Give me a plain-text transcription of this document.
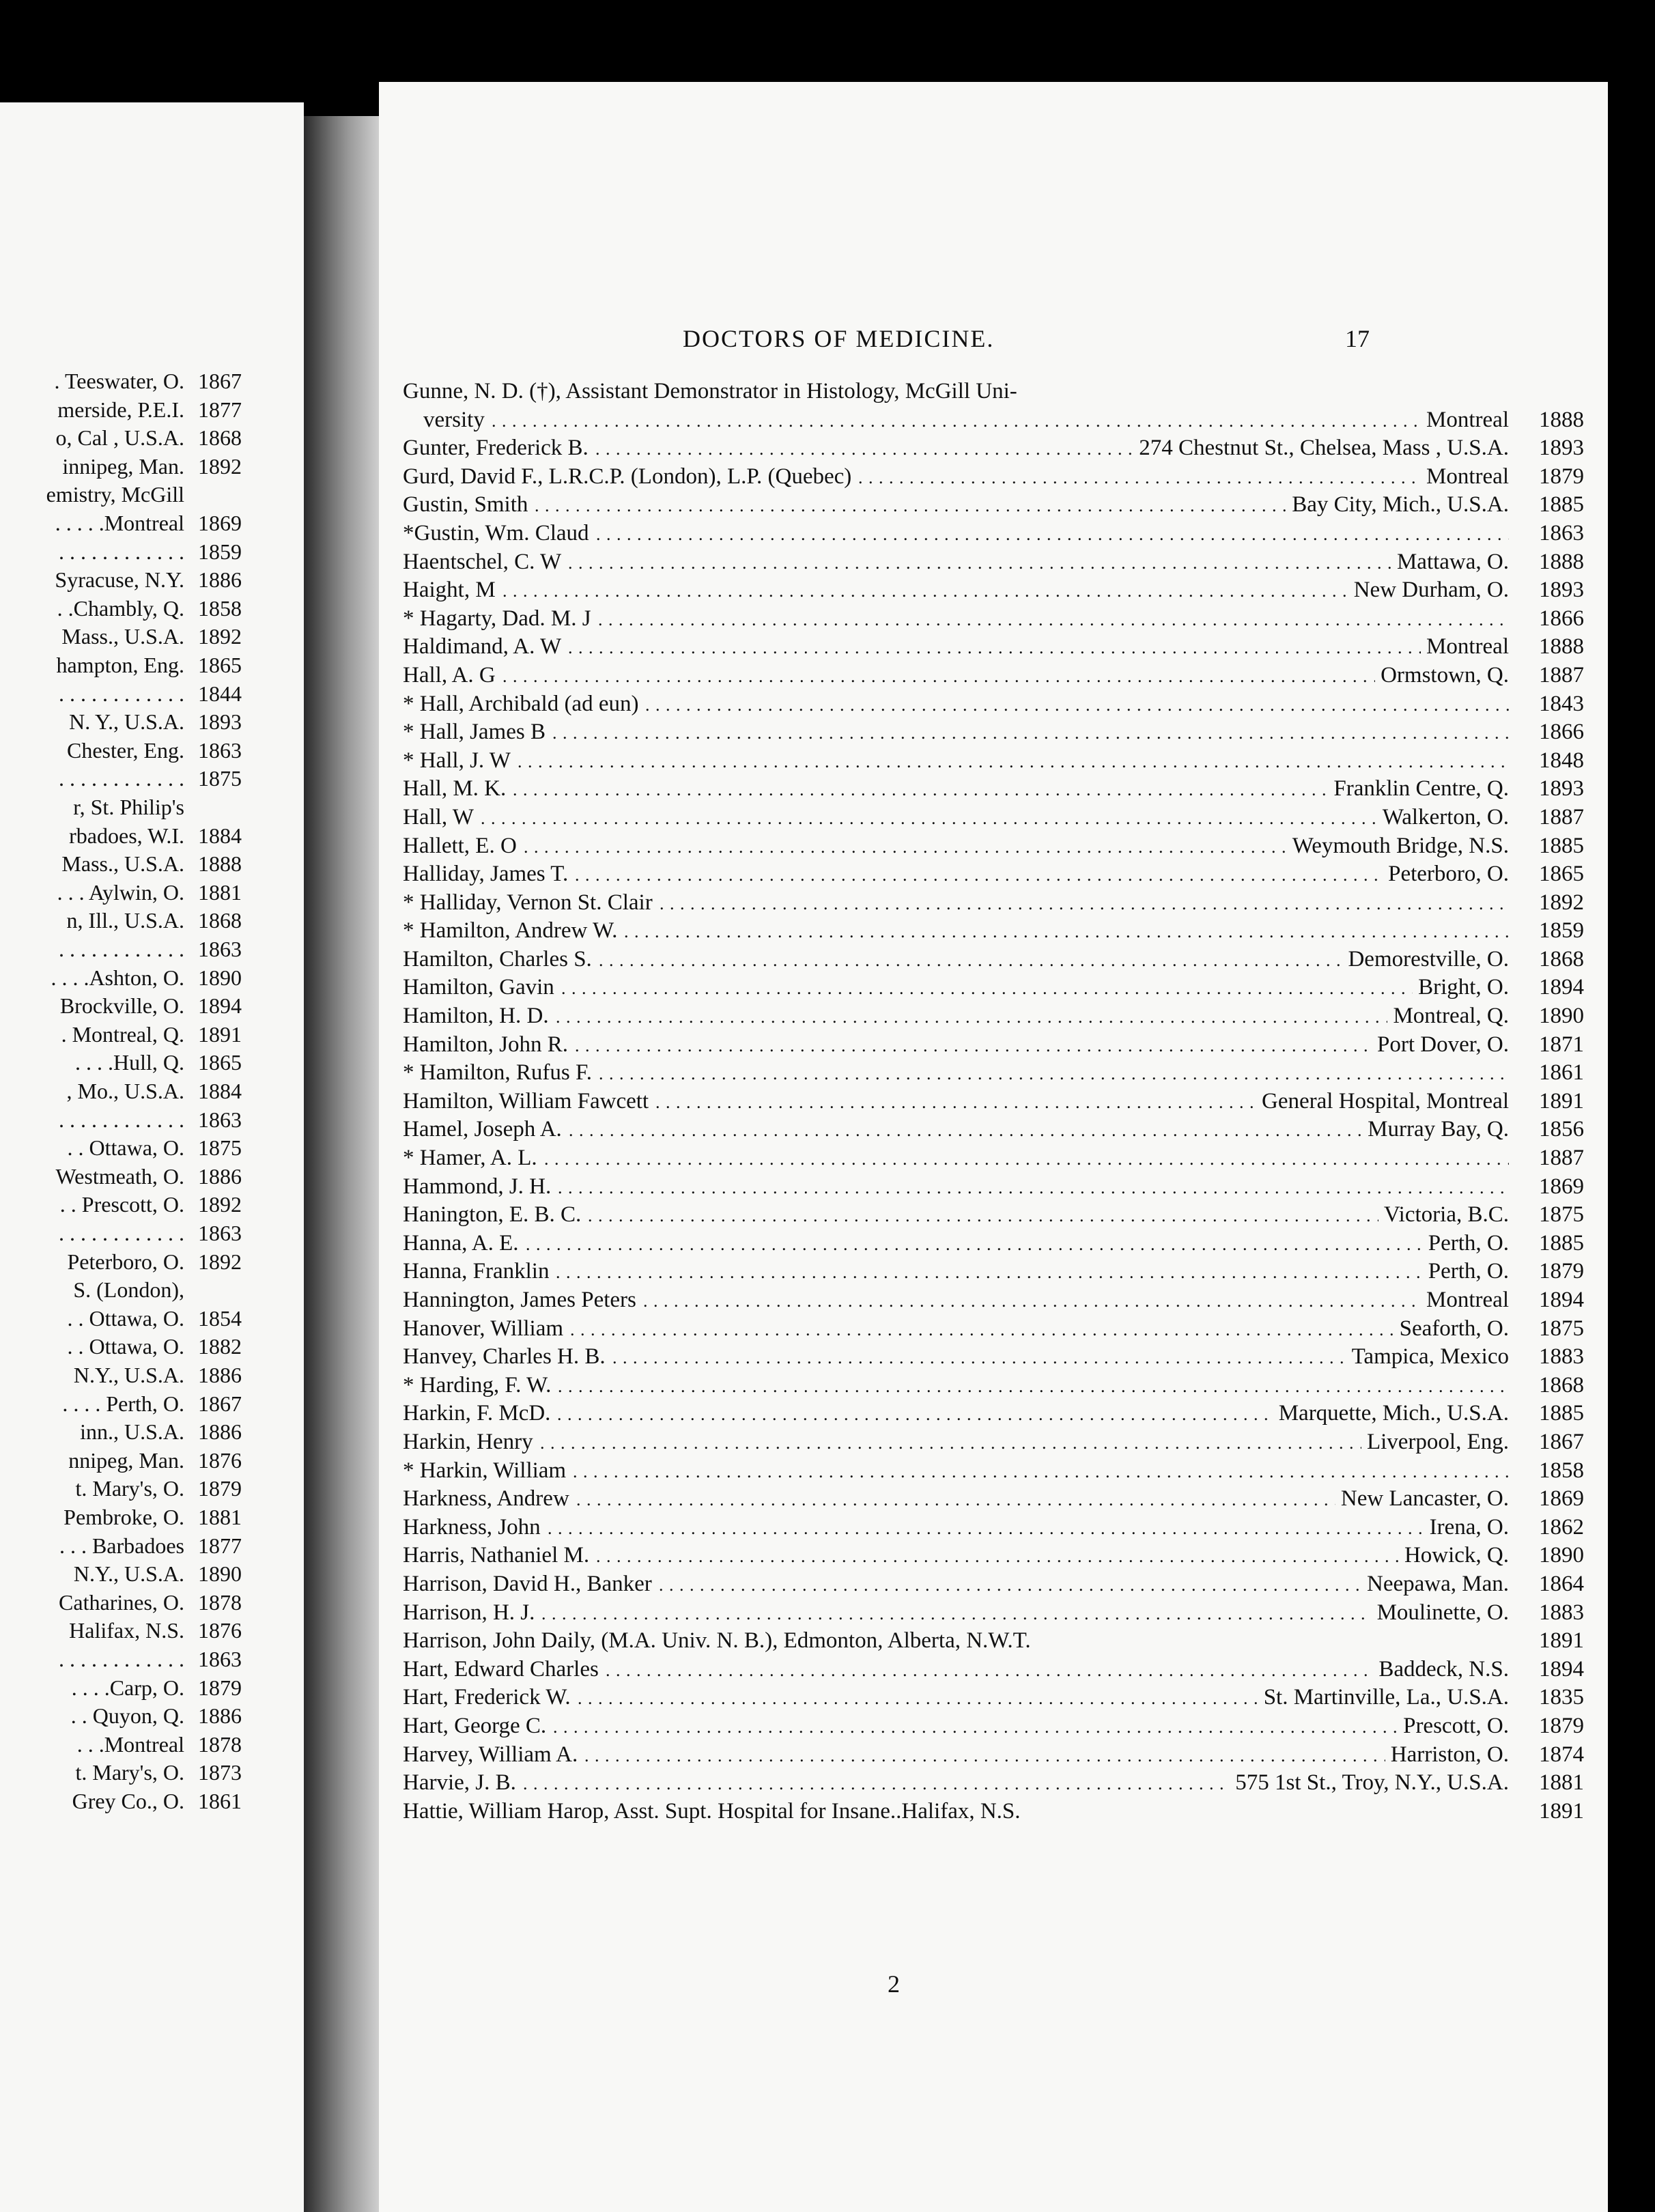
. Teeswater, O. 1867
merside, P.E.I. 1877
o, Cal , U.S.A. 1868
innipeg, Man. 1892
emistry, McGill
. . . . .Montreal 1869
. . . . . . . . . . . . 1859
Syracuse, N.Y. 1886
. .Chambly, Q. 1858
Mass., U.S.A. 1892
hampton, Eng. 1865
. . . . . . . . . . . . 1844
N. Y., U.S.A. 1893
Chester, Eng. 1863
. . . . . . . . . . . . 1875
r, St. Philip's
rbadoes, W.I. 1884
Mass., U.S.A. 1888
. . . Aylwin, O. 1881
n, Ill., U.S.A. 1868
. . . . . . . . . . . . 1863
. . . .Ashton, O. 1890
Brockville, O. 1894
. Montreal, Q. 1891
. . . .Hull, Q. 1865
, Mo., U.S.A. 1884
. . . . . . . . . . . . 1863
. . Ottawa, O. 1875
Westmeath, O. 1886
. . Prescott, O. 1892
. . . . . . . . . . . . 1863
Peterboro, O. 1892
S. (London),
. . Ottawa, O. 1854
. . Ottawa, O. 1882
N.Y., U.S.A. 1886
. . . . Perth, O. 1867
inn., U.S.A. 1886
nnipeg, Man. 1876
t. Mary's, O. 1879
Pembroke, O. 1881
. . . Barbadoes 1877
N.Y., U.S.A. 1890
Catharines, O. 1878
Halifax, N.S. 1876
. . . . . . . . . . . . 1863
. . . .Carp, O. 1879
. . Quyon, Q. 1886
. . .Montreal 1878
t. Mary's, O. 1873
Grey Co., O. 1861
DOCTORS OF MEDICINE.	17
Gunne, N. D. (†), Assistant Demonstrator in Histology, McGill Uni-
versity	Montreal	1888
. . .
Gunter, Frederick B.	274 Chestnut St., Chelsea, Mass , U.S.A.	1893
. . .
Gurd, David F., L.R.C.P. (London), L.P. (Quebec)	Montreal	1879
. . .
Gustin, Smith	Bay City, Mich., U.S.A.	1885
. . .
*Gustin, Wm. Claud	1863
. . .
Haentschel, C. W	Mattawa, O.	1888
. . .
Haight, M	New Durham, O.	1893
. . .
* Hagarty, Dad. M. J	1866
. . .
Haldimand, A. W	Montreal	1888
. . .
Hall, A. G	Ormstown, Q.	1887
. . .
* Hall, Archibald (ad eun)	1843
. . .
* Hall, James B	1866
. . .
* Hall, J. W	1848
. . .
Hall, M. K.	Franklin Centre, Q.	1893
. . .
Hall, W	Walkerton, O.	1887
. . .
Hallett, E. O	Weymouth Bridge, N.S.	1885
. . .
Halliday, James T.	Peterboro, O.	1865
. . .
* Halliday, Vernon St. Clair	1892
. . .
* Hamilton, Andrew W.	1859
. . .
Hamilton, Charles S.	Demorestville, O.	1868
. . .
Hamilton, Gavin	Bright, O.	1894
. . .
Hamilton, H. D.	Montreal, Q.	1890
. . .
Hamilton, John R.	Port Dover, O.	1871
. . .
* Hamilton, Rufus F.	1861
. . .
Hamilton, William Fawcett	General Hospital, Montreal	1891
. . .
Hamel, Joseph A.	Murray Bay, Q.	1856
. . .
* Hamer, A. L.	1887
. . .
Hammond, J. H.	1869
. . .
Hanington, E. B. C.	Victoria, B.C.	1875
. . .
Hanna, A. E.	Perth, O.	1885
. . .
Hanna, Franklin	Perth, O.	1879
. . .
Hannington, James Peters	Montreal	1894
. . .
Hanover, William	Seaforth, O.	1875
. . .
Hanvey, Charles H. B.	Tampica, Mexico	1883
. . .
* Harding, F. W.	1868
. . .
Harkin, F. McD.	Marquette, Mich., U.S.A.	1885
. . .
Harkin, Henry	Liverpool, Eng.	1867
. . .
* Harkin, William	1858
. . .
Harkness, Andrew	New Lancaster, O.	1869
. . .
Harkness, John	Irena, O.	1862
. . .
Harris, Nathaniel M.	Howick, Q.	1890
. . .
Harrison, David H., Banker	Neepawa, Man.	1864
. . .
Harrison, H. J.	Moulinette, O.	1883
. . .
Harrison, John Daily, (M.A. Univ. N. B.), Edmonton, Alberta, N.W.T.	1891
Hart, Edward Charles	Baddeck, N.S.	1894
. . .
Hart, Frederick W.	St. Martinville, La., U.S.A.	1835
. . .
Hart, George C.	Prescott, O.	1879
. . .
Harvey, William A.	Harriston, O.	1874
. . .
Harvie, J. B.	575 1st St., Troy, N.Y., U.S.A.	1881
. . .
Hattie, William Harop, Asst. Supt. Hospital for Insane..Halifax, N.S.	1891
2
